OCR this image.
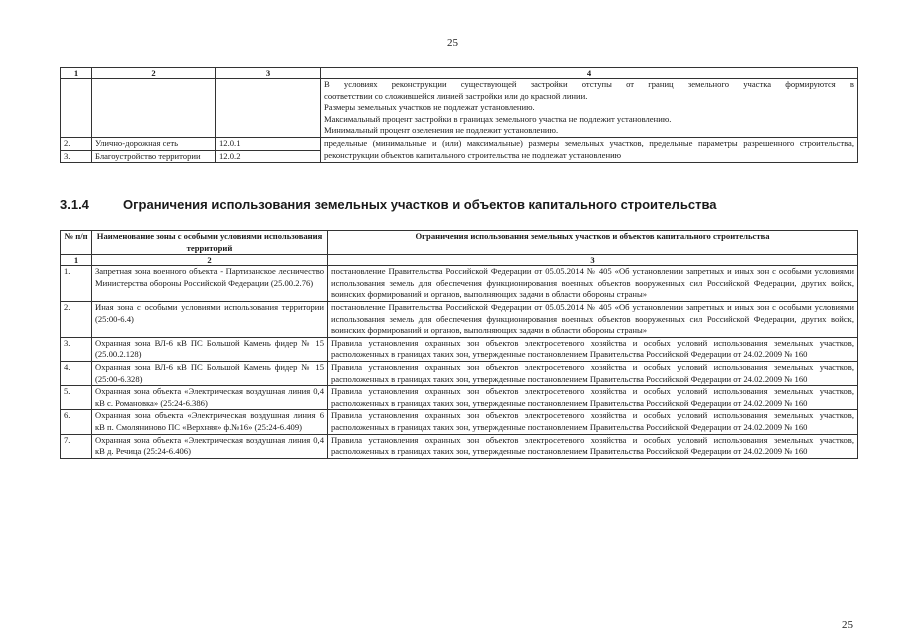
25
1	2	3	4

			В условиях реконструкции существующей застройки отступы от границ земельного участка формируются в
соответствии со сложившейся линией застройки или до красной линии.
Размеры земельных участков не подлежат установлению.
Максимальный процент застройки в границах земельного участка не подлежит установлению.
Минимальный процент озеленения не подлежит установлению.

2.	Улично-дорожная сеть	12.0.1	предельные (минимальные и (или) максимальные) размеры земельных участков, предельные параметры разрешенного строительства, реконструкции объектов капитального строительства не подлежат установлению
3.	Благоустройство территории	12.0.2	
3.1.4	Ограничения использования земельных участков и объектов капитального строительства
№ п/п	Наименование зоны с особыми условиями использования территорий	Ограничения использования земельных участков и объектов капитального строительства
1	2	3
1.	Запретная зона военного объекта - Партизанское лесничество Министерства обороны Российской Федерации (25.00.2.76)	постановление Правительства Российской Федерации от 05.05.2014 № 405 «Об установлении запретных и иных зон с особыми условиями использования земель для обеспечения функционирования военных объектов вооруженных сил Российской Федерации, других войск, воинских формирований и органов, выполняющих задачи в области обороны страны»
2.	Иная зона с особыми условиями использования территории (25:00-6.4)	постановление Правительства Российской Федерации от 05.05.2014 № 405 «Об установлении запретных и иных зон с особыми условиями использования земель для обеспечения функционирования военных объектов вооруженных сил Российской Федерации, других войск, воинских формирований и органов, выполняющих задачи в области обороны страны»
3.	Охранная зона ВЛ-6 кВ ПС Большой Камень фидер № 15 (25.00.2.128)	Правила установления охранных зон объектов электросетевого хозяйства и особых условий использования земельных участков, расположенных в границах таких зон, утвержденные постановлением Правительства Российской Федерации от 24.02.2009 № 160
4.	Охранная зона ВЛ-6 кВ ПС Большой Камень фидер № 15 (25:00-6.328)	Правила установления охранных зон объектов электросетевого хозяйства и особых условий использования земельных участков, расположенных в границах таких зон, утвержденные постановлением Правительства Российской Федерации от 24.02.2009 № 160
5.	Охранная зона объекта «Электрическая воздушная линия 0,4 кВ с. Романовка» (25:24-6.386)	Правила установления охранных зон объектов электросетевого хозяйства и особых условий использования земельных участков, расположенных в границах таких зон, утвержденные постановлением Правительства Российской Федерации от 24.02.2009 № 160
6.	Охранная зона объекта «Электрическая воздушная линия 6 кВ п. Смоляниново ПС «Верхняя» ф.№16» (25:24-6.409)	Правила установления охранных зон объектов электросетевого хозяйства и особых условий использования земельных участков, расположенных в границах таких зон, утвержденные постановлением Правительства Российской Федерации от 24.02.2009 № 160
7.	Охранная зона объекта «Электрическая воздушная линия 0,4 кВ д. Речица (25:24-6.406)	Правила установления охранных зон объектов электросетевого хозяйства и особых условий использования земельных участков, расположенных в границах таких зон, утвержденные постановлением Правительства Российской Федерации от 24.02.2009 № 160
25
